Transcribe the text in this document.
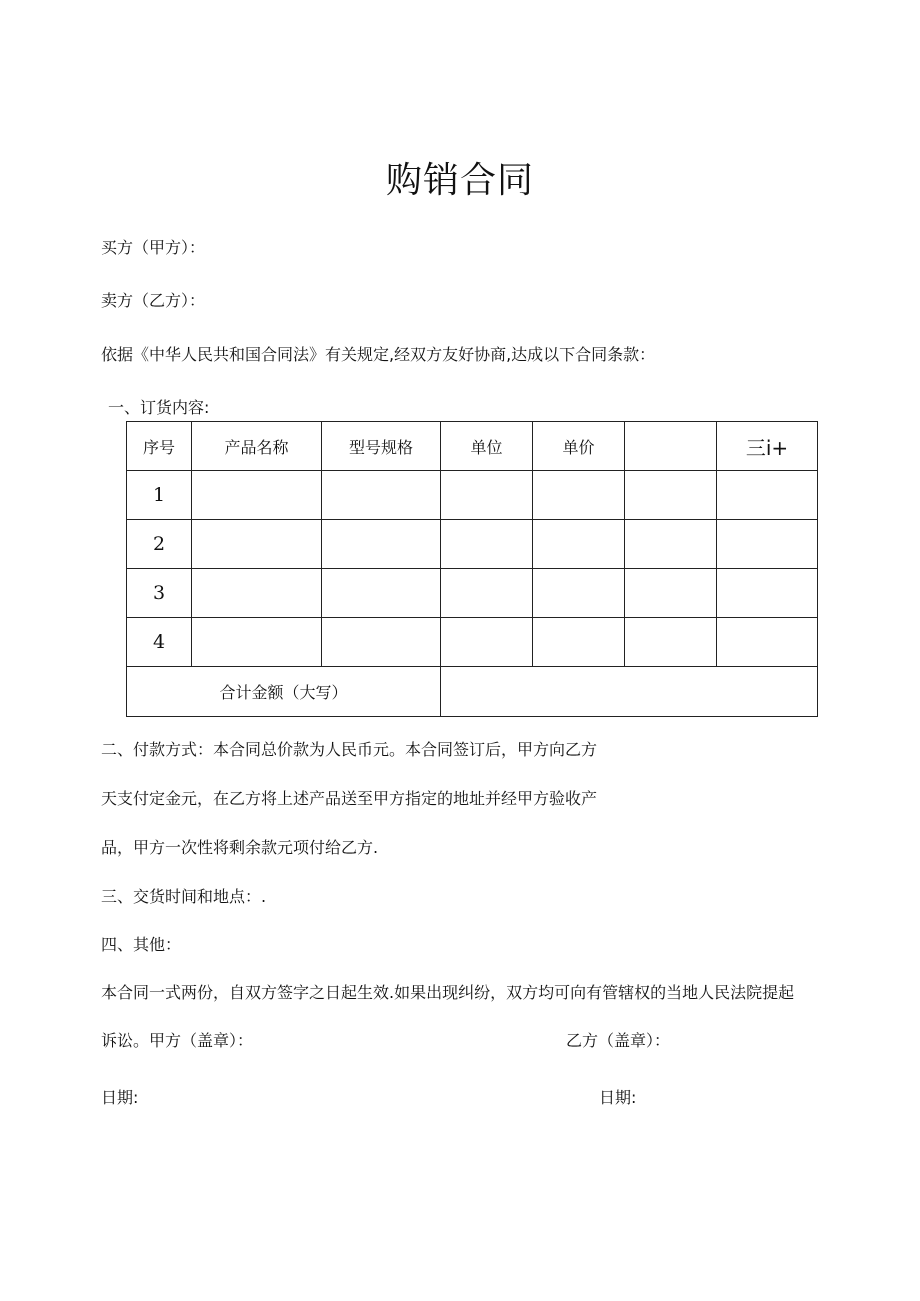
购销合同
买方（甲方）：
卖方（乙方）：
依据《中华人民共和国合同法》有关规定,经双方友好协商,达成以下合同条款：
一、订货内容:
序号	产品名称	型号规格	单位	单价		三i+
1						
2						
3						
4						
合计金额（大写）						
二、付款方式：本合同总价款为人民币元。本合同签订后，甲方向乙方
天支付定金元，在乙方将上述产品送至甲方指定的地址并经甲方验收产
品，甲方一次性将剩余款元项付给乙方.
三、交货时间和地点：.
四、其他：
本合同一式两份，自双方签字之日起生效.如果出现纠纷，双方均可向有管辖权的当地人民法院提起
诉讼。甲方（盖章）：	乙方（盖章）：
日期:	日期:
